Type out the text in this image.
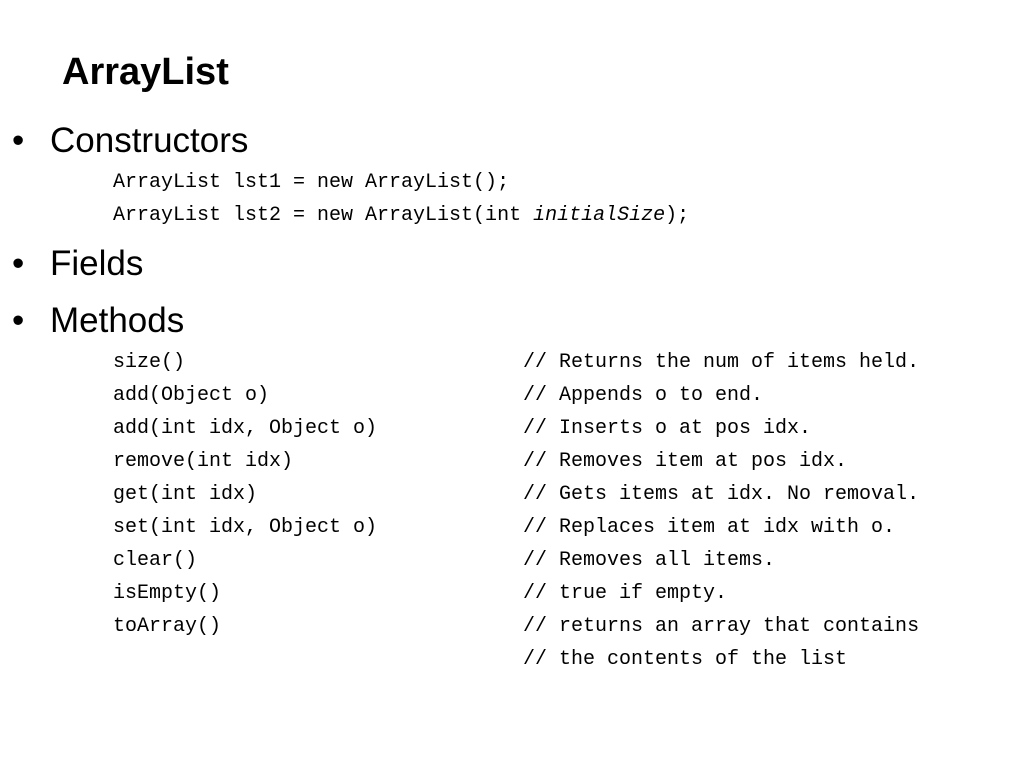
ArrayList
• Constructors
ArrayList lst1 = new ArrayList();
ArrayList lst2 = new ArrayList(int initialSize);
• Fields
• Methods
size()	// Returns the num of items held.
add(Object o)	// Appends o to end.
add(int idx, Object o)	// Inserts o at pos idx.
remove(int idx)	// Removes item at pos idx.
get(int idx)	// Gets items at idx. No removal.
set(int idx, Object o)	// Replaces item at idx with o.
clear()	// Removes all items.
isEmpty()	// true if empty.
toArray()	// returns an array that contains
// the contents of the list
